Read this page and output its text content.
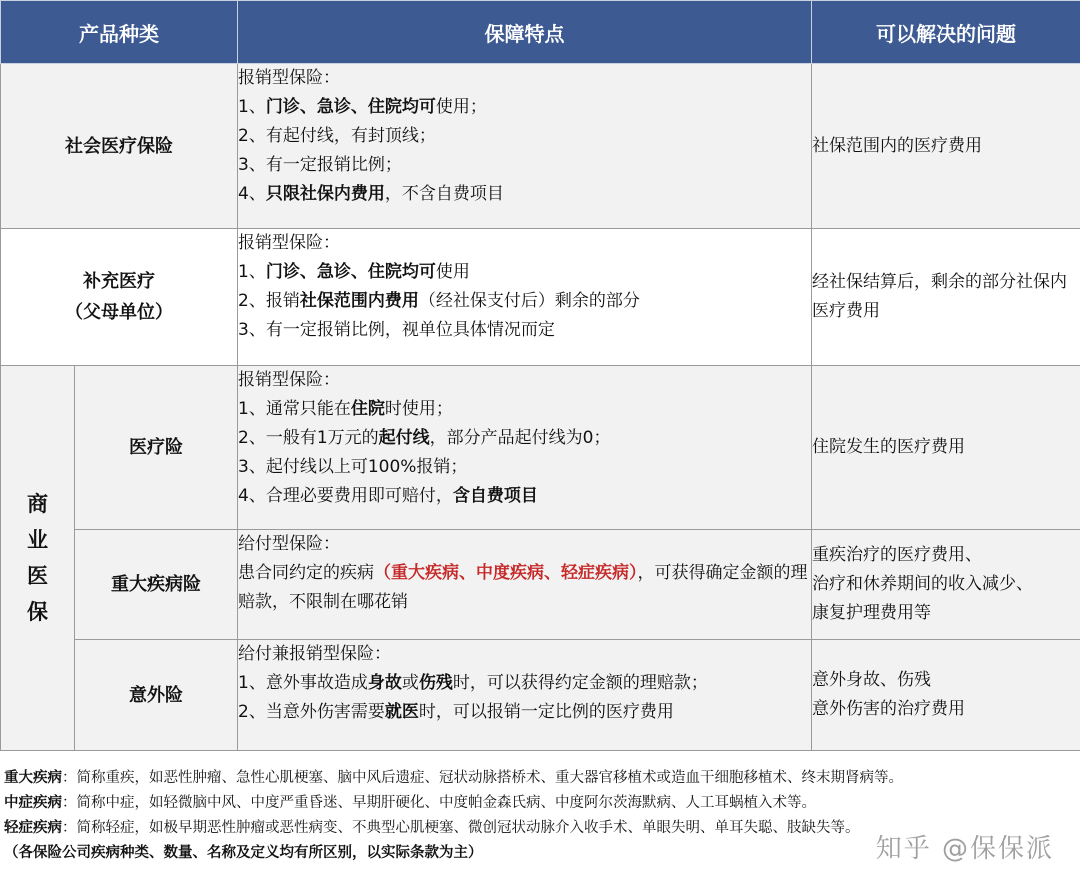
产品种类		保障特点	可以解决的问题
社会医疗保险		报销型保险：
1、门诊、急诊、住院均可使用；
2、有起付线，有封顶线；
3、有一定报销比例；
4、只限社保内费用，不含自费项目	社保范围内的医疗费用

补充医疗
（父母单位）		报销型保险：
1、门诊、急诊、住院均可使用
2、报销社保范围内费用（经社保支付后）剩余的部分
3、有一定报销比例，视单位具体情况而定	经社保结算后，剩余的部分社保内医疗费用

商
业
医
保	医疗险	报销型保险：
1、通常只能在住院时使用；
2、一般有1万元的起付线，部分产品起付线为0；
3、起付线以上可100%报销；
4、合理必要费用即可赔付，含自费项目	住院发生的医疗费用
	重大疾病险	给付型保险：
患合同约定的疾病（重大疾病、中度疾病、轻症疾病），可获得确定金额的理赔款，不限制在哪花销	重疾治疗的医疗费用、
治疗和休养期间的收入减少、
康复护理费用等

	意外险	给付兼报销型保险：
1、意外事故造成身故或伤残时，可以获得约定金额的理赔款；
2、当意外伤害需要就医时，可以报销一定比例的医疗费用	意外身故、伤残
意外伤害的治疗费用
重大疾病：简称重疾，如恶性肿瘤、急性心肌梗塞、脑中风后遗症、冠状动脉搭桥术、重大器官移植术或造血干细胞移植术、终末期肾病等。
中症疾病：简称中症，如轻微脑中风、中度严重昏迷、早期肝硬化、中度帕金森氏病、中度阿尔茨海默病、人工耳蜗植入术等。
轻症疾病：简称轻症，如极早期恶性肿瘤或恶性病变、不典型心肌梗塞、微创冠状动脉介入收手术、单眼失明、单耳失聪、肢缺失等。
（各保险公司疾病种类、数量、名称及定义均有所区别，以实际条款为主）	知乎 @保保派
